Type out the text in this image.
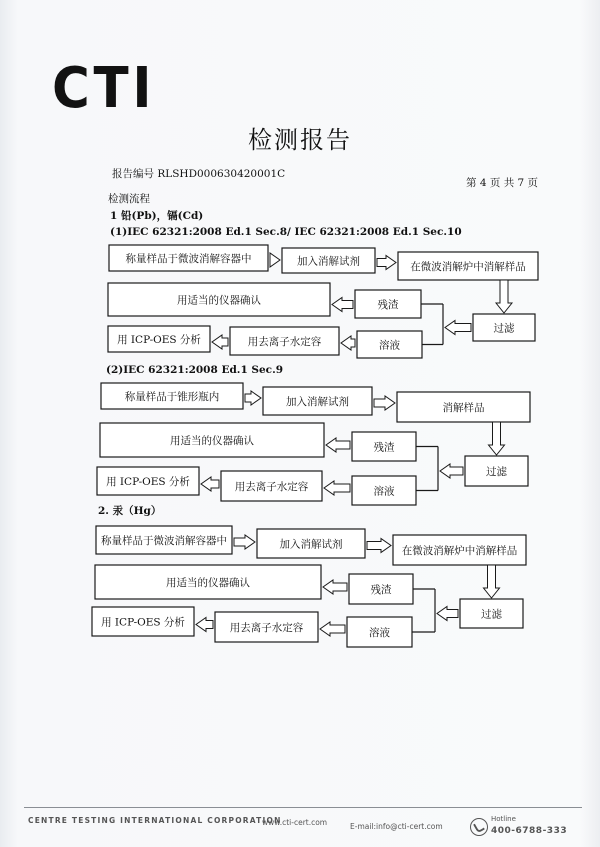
CTI
检测报告
报告编号 RLSHD000630420001C
第 4 页 共 7 页
检测流程
1 铅(Pb)，镉(Cd)
(1)IEC 62321:2008 Ed.1 Sec.8/ IEC 62321:2008 Ed.1 Sec.10
(2)IEC 62321:2008 Ed.1 Sec.9
2. 汞（Hg）
称量样品于微波消解容器中	加入消解试剂	在微波消解炉中消解样品
用适当的仪器确认	残渣
过滤
用 ICP-OES 分析	用去离子水定容	溶液
称量样品于锥形瓶内	加入消解试剂	消解样品
用适当的仪器确认
残渣
过滤
用 ICP-OES 分析	用去离子水定容	溶液
称量样品于微波消解容器中	加入消解试剂
在微波消解炉中消解样品
用适当的仪器确认
残渣
过滤
用 ICP-OES 分析	用去离子水定容	溶液
CENTRE TESTING INTERNATIONAL CORPORATION
www.cti-cert.com	E-mail:info@cti-cert.com
Hotline
400-6788-333
